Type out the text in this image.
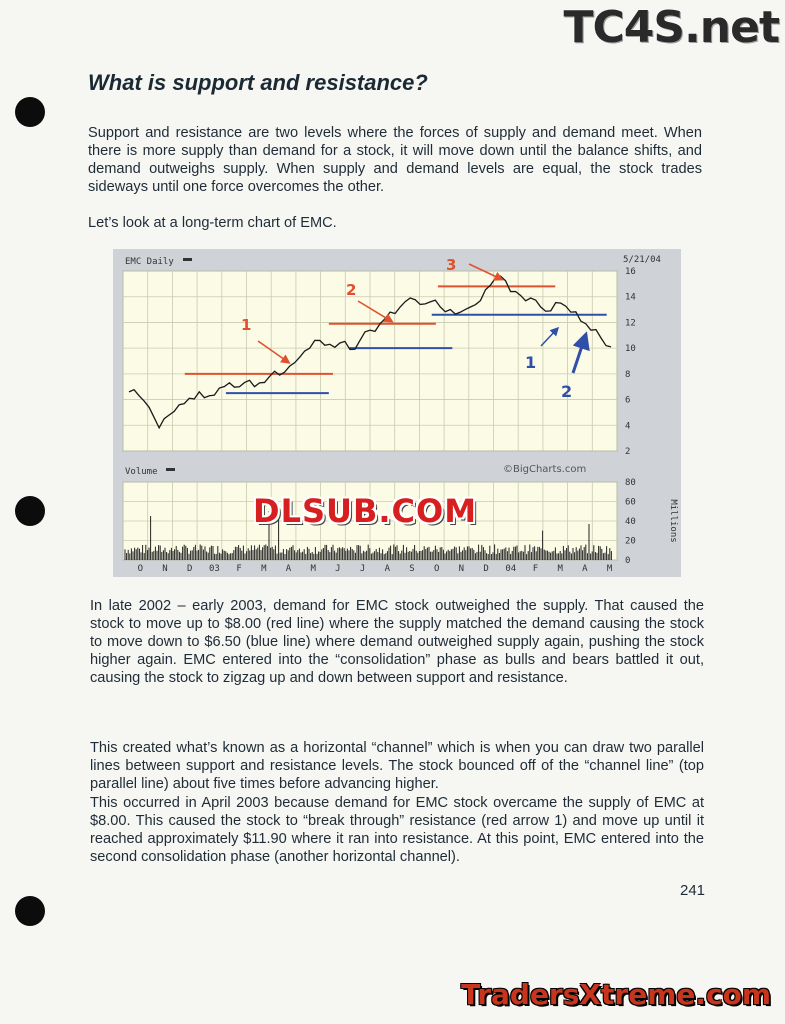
TC4S.net
What is support and resistance?

Support and resistance are two levels where the forces of supply and demand meet. When there is more supply than demand for a stock, it will move down until the balance shifts, and demand outweighs supply. When supply and demand levels are equal, the stock trades sideways until one force overcomes the other.

Let’s look at a long-term chart of EMC.

1
2
3
1
2
16
14
12
10
8
6
4
2
80
60
40
20
0
O N D 03 F M A M J J A S O N D 04 F M A M
EMC Daily	5/21/04
Volume	©BigCharts.com
Millions
DLSUB.COM

In late 2002 – early 2003, demand for EMC stock outweighed the supply. That caused the stock to move up to $8.00 (red line) where the supply matched the demand causing the stock to move down to $6.50 (blue line) where demand outweighed supply again, pushing the stock higher again. EMC entered into the “consolidation” phase as bulls and bears battled it out, causing the stock to zigzag up and down between support and resistance.

This created what’s known as a horizontal “channel” which is when you can draw two parallel lines between support and resistance levels. The stock bounced off of the “channel line” (top parallel line) about five times before advancing higher.

This occurred in April 2003 because demand for EMC stock overcame the supply of EMC at $8.00. This caused the stock to “break through” resistance (red arrow 1) and move up until it reached approximately $11.90 where it ran into resistance. At this point, EMC entered into the second consolidation phase (another horizontal channel).

241
TradersXtreme.com
